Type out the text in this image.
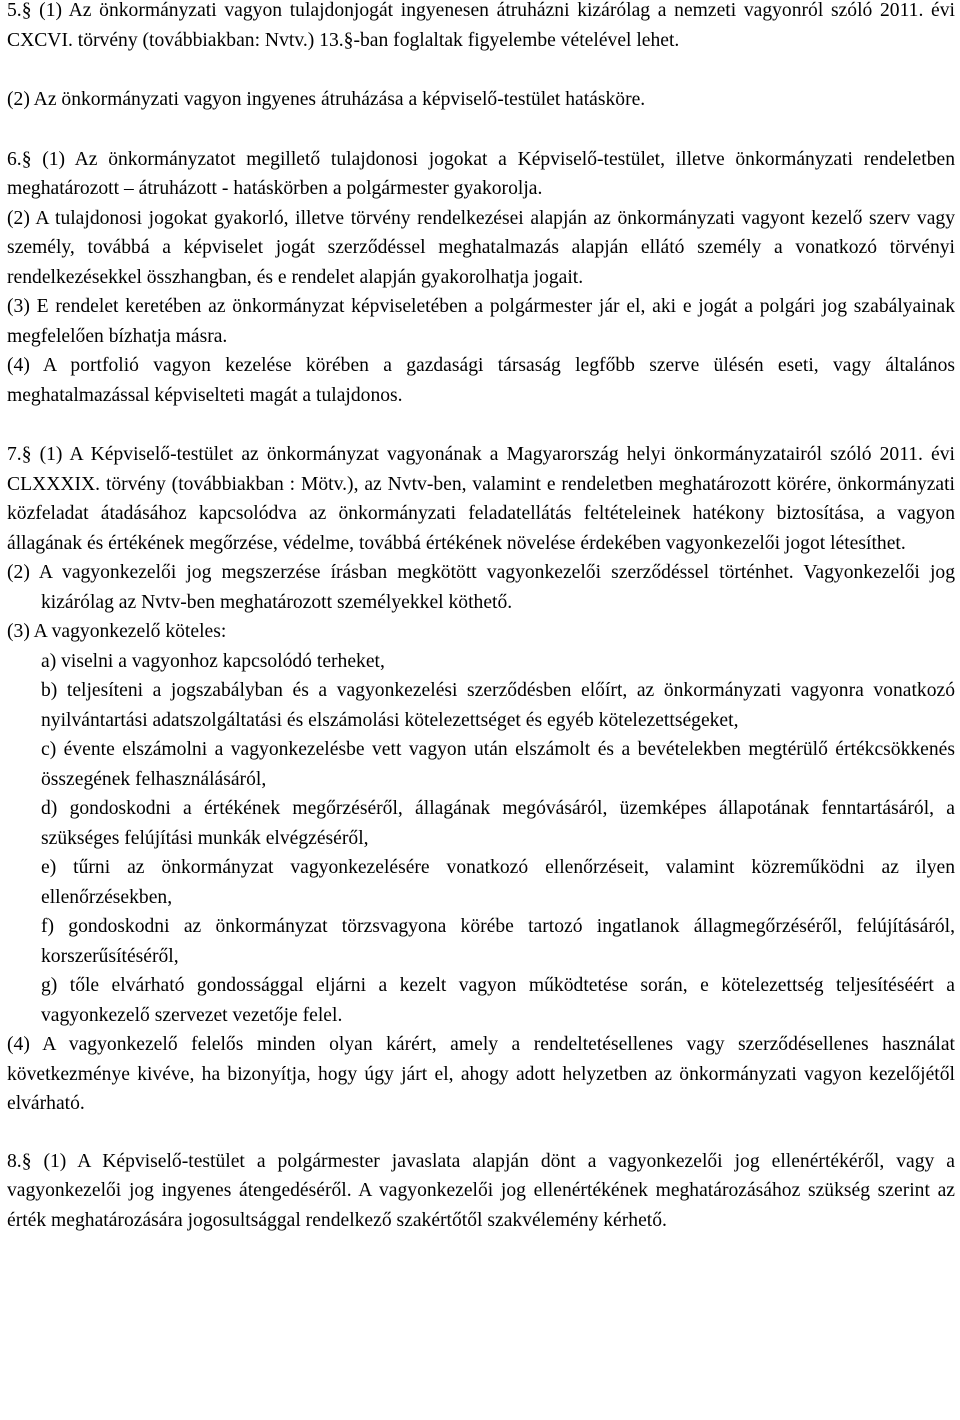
5.§ (1) Az önkormányzati vagyon tulajdonjogát ingyenesen átruházni kizárólag a nemzeti vagyonról szóló 2011. évi CXCVI. törvény (továbbiakban: Nvtv.) 13.§-ban foglaltak figyelembe vételével lehet.

(2) Az önkormányzati vagyon ingyenes átruházása a képviselő-testület hatásköre.

6.§ (1) Az önkormányzatot megillető tulajdonosi jogokat a Képviselő-testület, illetve önkormányzati rendeletben meghatározott – átruházott - hatáskörben a polgármester gyakorolja.

(2) A tulajdonosi jogokat gyakorló, illetve törvény rendelkezései alapján az önkormányzati vagyont kezelő szerv vagy személy, továbbá a képviselet jogát szerződéssel meghatalmazás alapján ellátó személy a vonatkozó törvényi rendelkezésekkel összhangban, és e rendelet alapján gyakorolhatja jogait.

(3) E rendelet keretében az önkormányzat képviseletében a polgármester jár el, aki e jogát a polgári jog szabályainak megfelelően bízhatja másra.

(4) A portfolió vagyon kezelése körében a gazdasági társaság legfőbb szerve ülésén eseti, vagy általános meghatalmazással képviselteti magát a tulajdonos.

7.§ (1) A Képviselő-testület az önkormányzat vagyonának a Magyarország helyi önkormányzatairól szóló 2011. évi CLXXXIX. törvény (továbbiakban : Mötv.), az Nvtv-ben, valamint e rendeletben meghatározott körére, önkormányzati közfeladat átadásához kapcsolódva az önkormányzati feladatellátás feltételeinek hatékony biztosítása, a vagyon állagának és értékének megőrzése, védelme, továbbá értékének növelése érdekében vagyonkezelői jogot létesíthet.

(2) A vagyonkezelői jog megszerzése írásban megkötött vagyonkezelői szerződéssel történhet. Vagyonkezelői jog kizárólag az Nvtv-ben meghatározott személyekkel köthető.

(3) A vagyonkezelő köteles:

a) viselni a vagyonhoz kapcsolódó terheket,

b) teljesíteni a jogszabályban és a vagyonkezelési szerződésben előírt, az önkormányzati vagyonra vonatkozó nyilvántartási adatszolgáltatási és elszámolási kötelezettséget és egyéb kötelezettségeket,

c) évente elszámolni a vagyonkezelésbe vett vagyon után elszámolt és a bevételekben megtérülő értékcsökkenés összegének felhasználásáról,

d) gondoskodni a értékének megőrzéséről, állagának megóvásáról, üzemképes állapotának fenntartásáról, a szükséges felújítási munkák elvégzéséről,

e) tűrni az önkormányzat vagyonkezelésére vonatkozó ellenőrzéseit, valamint közreműködni az ilyen ellenőrzésekben,

f) gondoskodni az önkormányzat törzsvagyona körébe tartozó ingatlanok állagmegőrzéséről, felújításáról, korszerűsítéséről,

g) tőle elvárható gondossággal eljárni a kezelt vagyon működtetése során, e kötelezettség teljesítéséért a vagyonkezelő szervezet vezetője felel.

(4) A vagyonkezelő felelős minden olyan kárért, amely a rendeltetésellenes vagy szerződésellenes használat következménye kivéve, ha bizonyítja, hogy úgy járt el, ahogy adott helyzetben az önkormányzati vagyon kezelőjétől elvárható.

8.§ (1) A Képviselő-testület a polgármester javaslata alapján dönt a vagyonkezelői jog ellenértékéről, vagy a vagyonkezelői jog ingyenes átengedéséről. A vagyonkezelői jog ellenértékének meghatározásához szükség szerint az érték meghatározására jogosultsággal rendelkező szakértőtől szakvélemény kérhető.
